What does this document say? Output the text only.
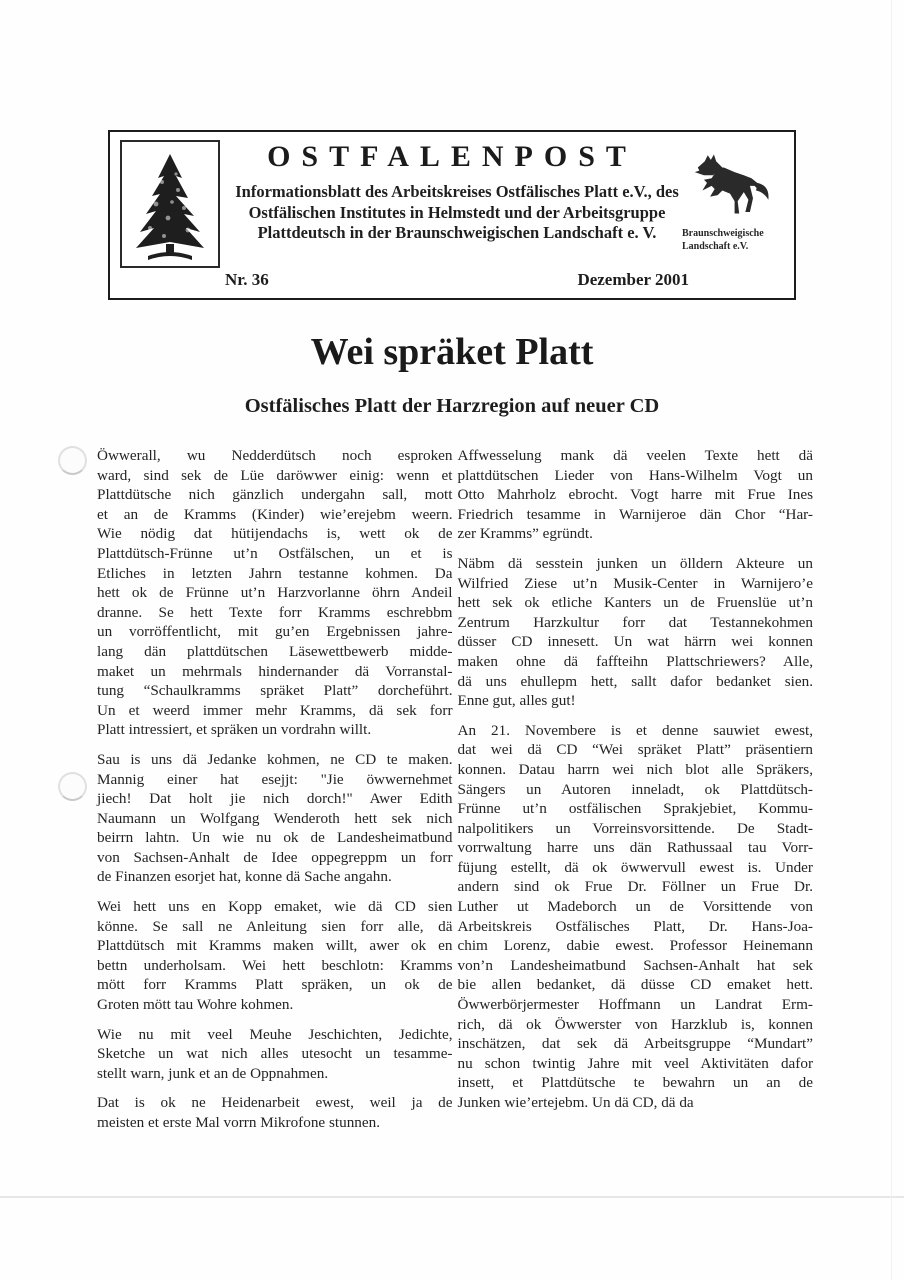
OSTFALENPOST
Informationsblatt des Arbeitskreises Ostfälisches Platt e.V., des Ostfälischen Institutes in Helmstedt und der Arbeitsgruppe Plattdeutsch in der Braunschweigischen Landschaft e. V.	Braunschweigische
Landschaft e.V.
Nr. 36	Dezember 2001
Wei spräket Platt
Ostfälisches Platt der Harzregion auf neuer CD
Öwwerall, wu Nedderdütsch noch esproken
ward, sind sek de Lüe daröwwer einig: wenn et
Plattdütsche nich gänzlich undergahn sall, mott
et an de Kramms (Kinder) wie’erejebm weern.
Wie nödig dat hütijendachs is, wett ok de
Plattdütsch-Frünne ut’n Ostfälschen, un et is
Etliches in letzten Jahrn testanne kohmen. Da
hett ok de Frünne ut’n Harzvorlanne öhrn Andeil
dranne. Se hett Texte forr Kramms eschrebbm
un vorröffentlicht, mit gu’en Ergebnissen jahre-
lang dän plattdütschen Läsewettbewerb midde-
maket un mehrmals hindernander dä Vorranstal-
tung “Schaulkramms spräket Platt” dorcheführt.
Un et weerd immer mehr Kramms, dä sek forr
Platt intressiert, et spräken un vordrahn willt.
Sau is uns dä Jedanke kohmen, ne CD te maken.
Mannig einer hat esejjt: "Jie öwwernehmet
jiech! Dat holt jie nich dorch!" Awer Edith
Naumann un Wolfgang Wenderoth hett sek nich
beirrn lahtn. Un wie nu ok de Landesheimatbund
von Sachsen-Anhalt de Idee oppegreppm un forr
de Finanzen esorjet hat, konne dä Sache angahn.
Wei hett uns en Kopp emaket, wie dä CD sien
könne. Se sall ne Anleitung sien forr alle, dä
Plattdütsch mit Kramms maken willt, awer ok en
bettn underholsam. Wei hett beschlotn: Kramms
mött forr Kramms Platt spräken, un ok de
Groten mött tau Wohre kohmen.
Wie nu mit veel Meuhe Jeschichten, Jedichte,
Sketche un wat nich alles utesocht un tesamme-
stellt warn, junk et an de Oppnahmen.
Dat is ok ne Heidenarbeit ewest, weil ja de
meisten et erste Mal vorrn Mikrofone stunnen.
Affwesselung mank dä veelen Texte hett dä
plattdütschen Lieder von Hans-Wilhelm Vogt un
Otto Mahrholz ebrocht. Vogt harre mit Frue Ines
Friedrich tesamme in Warnijeroe dän Chor “Har-
zer Kramms” egründt.
Näbm dä sesstein junken un ölldern Akteure un
Wilfried Ziese ut’n Musik-Center in Warnijero’e
hett sek ok etliche Kanters un de Fruenslüe ut’n
Zentrum Harzkultur forr dat Testannekohmen
düsser CD innesett. Un wat härrn wei konnen
maken ohne dä faffteihn Plattschriewers? Alle,
dä uns ehullepm hett, sallt dafor bedanket sien.
Enne gut, alles gut!
An 21. Novembere is et denne sauwiet ewest,
dat wei dä CD “Wei spräket Platt” präsentiern
konnen. Datau harrn wei nich blot alle Spräkers,
Sängers un Autoren inneladt, ok Plattdütsch-
Frünne ut’n ostfälischen Sprakjebiet, Kommu-
nalpolitikers un Vorreinsvorsittende. De Stadt-
vorrwaltung harre uns dän Rathussaal tau Vorr-
füjung estellt, dä ok öwwervull ewest is. Under
andern sind ok Frue Dr. Föllner un Frue Dr.
Luther ut Madeborch un de Vorsittende von
Arbeitskreis Ostfälisches Platt, Dr. Hans-Joa-
chim Lorenz, dabie ewest. Professor Heinemann
von’n Landesheimatbund Sachsen-Anhalt hat sek
bie allen bedanket, dä düsse CD emaket hett.
Öwwerbörjermester Hoffmann un Landrat Erm-
rich, dä ok Öwwerster von Harzklub is, konnen
inschätzen, dat sek dä Arbeitsgruppe “Mundart”
nu schon twintig Jahre mit veel Aktivitäten dafor
insett, et Plattdütsche te bewahrn un an de
Junken wie’ertejebm. Un dä CD, dä da
